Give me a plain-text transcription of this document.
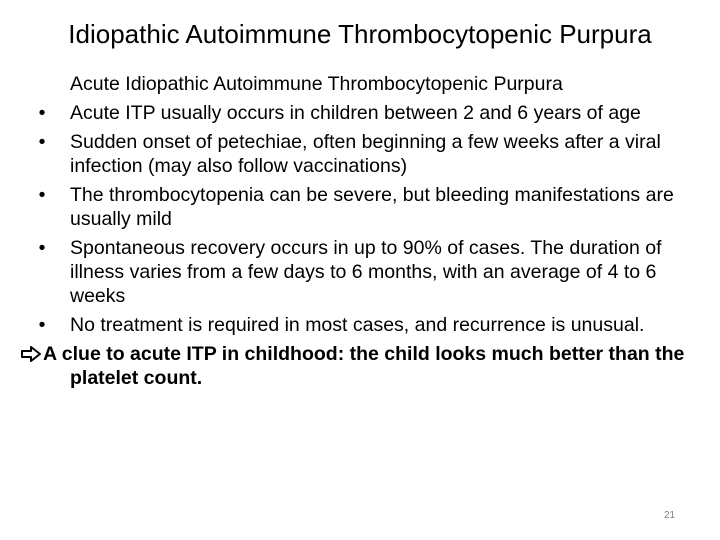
Idiopathic Autoimmune Thrombocytopenic Purpura
Acute Idiopathic Autoimmune Thrombocytopenic Purpura
•	Acute ITP usually occurs in children between 2 and 6 years of age
•	Sudden onset of petechiae, often beginning a few weeks after a viral infection (may also follow vaccinations)
•	The thrombocytopenia can be severe, but bleeding manifestations are usually mild
•	Spontaneous recovery occurs in up to 90% of cases. The duration of illness varies from a few days to 6 months, with an average of 4 to 6 weeks
•	No treatment is required in most cases, and recurrence is unusual.
A clue to acute ITP in childhood: the child looks much better than the platelet count.
21
